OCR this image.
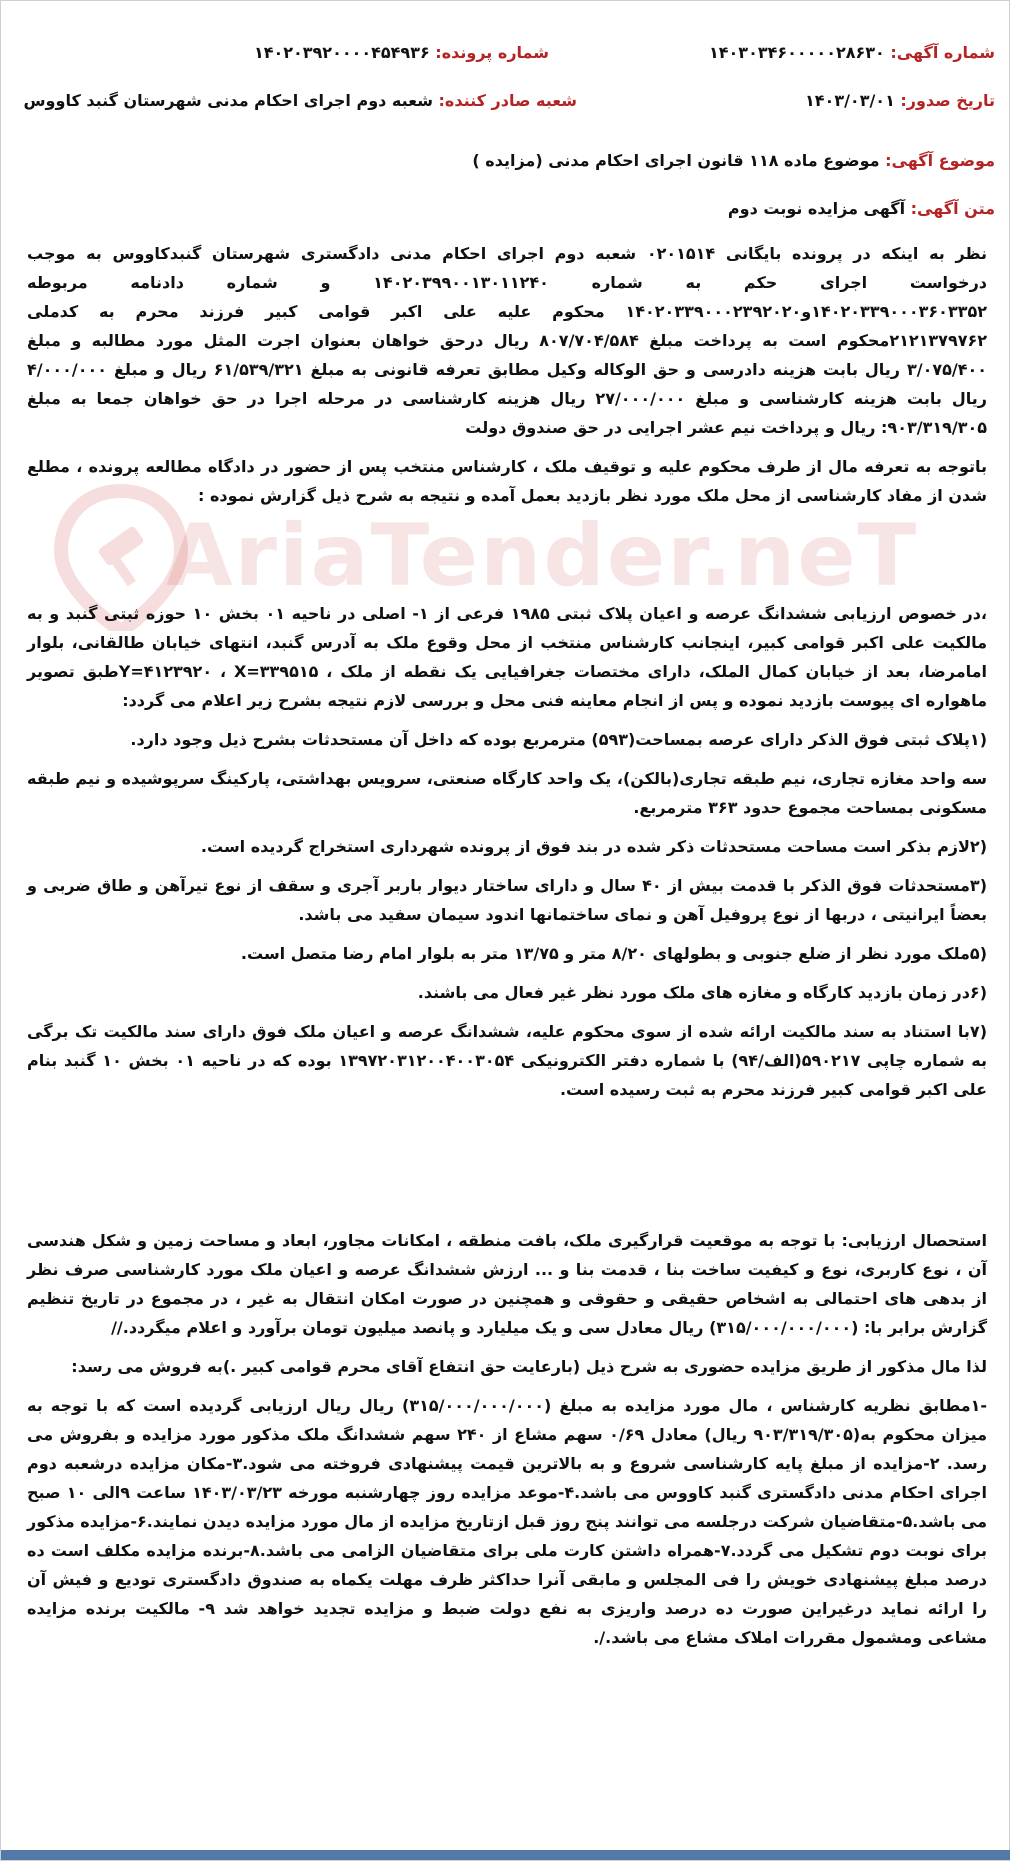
AriaTender.neT
شماره آگهی: ۱۴۰۳۰۳۴۶۰۰۰۰۰۲۸۶۳۰
شماره پرونده: ۱۴۰۲۰۳۹۲۰۰۰۰۴۵۴۹۳۶
تاریخ صدور: ۱۴۰۳/۰۳/۰۱
شعبه صادر کننده: شعبه دوم اجرای احکام مدنی شهرستان گنبد کاووس
موضوع آگهی: موضوع ماده ۱۱۸ قانون اجرای احکام مدنی (مزایده )
متن آگهی: آگهی مزایده نوبت دوم

نظر به اینکه در پرونده بایگانی ۰۲۰۱۵۱۴ شعبه دوم اجرای احکام مدنی دادگستری شهرستان گنبدکاووس به موجب درخواست اجرای حکم به شماره ۱۴۰۲۰۳۹۹۰۰۱۳۰۱۱۲۴۰ و شماره دادنامه مربوطه ۱۴۰۲۰۳۳۹۰۰۰۳۶۰۳۳۵۲و۱۴۰۲۰۳۳۹۰۰۰۲۳۹۲۰۲۰ محکوم علیه علی اکبر قوامی کبیر فرزند محرم به کدملی ۲۱۲۱۳۷۹۷۶۲محکوم است به پرداخت مبلغ ۸۰۷/۷۰۴/۵۸۴ ریال درحق خواهان بعنوان اجرت المثل مورد مطالبه و مبلغ ۳/۰۷۵/۴۰۰ ریال بابت هزینه دادرسی و حق الوکاله وکیل مطابق تعرفه قانونی به مبلغ ۶۱/۵۳۹/۳۲۱ ریال و مبلغ ۴/۰۰۰/۰۰۰ ریال بابت هزینه کارشناسی و مبلغ ۲۷/۰۰۰/۰۰۰ ریال هزینه کارشناسی در مرحله اجرا در حق خواهان جمعا به مبلغ ۹۰۳/۳۱۹/۳۰۵: ریال و پرداخت نیم عشر اجرایی در حق صندوق دولت

باتوجه به تعرفه مال از طرف محکوم علیه و توقیف ملک ، کارشناس منتخب پس از حضور در دادگاه مطالعه پرونده ، مطلع شدن از مفاد کارشناسی از محل ملک مورد نظر بازدید بعمل آمده و نتیجه به شرح ذیل گزارش نموده :

،در خصوص ارزیابی ششدانگ عرصه و اعیان پلاک ثبتی ۱۹۸۵ فرعی از ۱- اصلی در ناحیه ۰۱ بخش ۱۰ حوزه ثبتی گنبد و به مالکیت علی اکبر قوامی کبیر، اینجانب کارشناس منتخب از محل وقوع ملک به آدرس گنبد، انتهای خیابان طالقانی، بلوار امامرضا، بعد از خیابان کمال الملک، دارای مختصات جغرافیایی یک نقطه از ملک ، Y=۴۱۲۳۹۲۰ ، X=۳۳۹۵۱۵طبق تصویر ماهواره ای پیوست بازدید نموده و پس از انجام معاینه فنی محل و بررسی لازم نتیجه بشرح زیر اعلام می گردد:

(۱پلاک ثبتی فوق الذکر دارای عرصه بمساحت(۵۹۳) مترمربع بوده که داخل آن مستحدثات بشرح ذیل وجود دارد.

سه واحد مغازه تجاری، نیم طبقه تجاری(بالکن)، یک واحد کارگاه صنعتی، سرویس بهداشتی، پارکینگ سرپوشیده و نیم طبقه مسکونی بمساحت مجموع حدود ۳۶۳ مترمربع.

(۲لازم بذکر است مساحت مستحدثات ذکر شده در بند فوق از پرونده شهرداری استخراج گردیده است.

(۳مستحدثات فوق الذکر با قدمت بیش از ۴۰ سال و دارای ساختار دیوار باربر آجری و سقف از نوع تیرآهن و طاق ضربی و بعضاً ایرانیتی ، دربها از نوع پروفیل آهن و نمای ساختمانها اندود سیمان سفید می باشد.

(۵ملک مورد نظر از ضلع جنوبی و بطولهای ۸/۲۰ متر و ۱۳/۷۵ متر به بلوار امام رضا متصل است.

(۶در زمان بازدید کارگاه و مغازه های ملک مورد نظر غیر فعال می باشند.

(۷با استناد به سند مالکیت ارائه شده از سوی محکوم علیه، ششدانگ عرصه و اعیان ملک فوق دارای سند مالکیت تک برگی به شماره چاپی ۵۹۰۲۱۷(الف/۹۴) با شماره دفتر الکترونیکی ۱۳۹۷۲۰۳۱۲۰۰۴۰۰۳۰۵۴ بوده که در ناحیه ۰۱ بخش ۱۰ گنبد بنام علی اکبر قوامی کبیر فرزند محرم به ثبت رسیده است.

استحصال ارزیابی: با توجه به موقعیت قرارگیری ملک، بافت منطقه ، امکانات مجاور، ابعاد و مساحت زمین و شکل هندسی آن ، نوع کاربری، نوع و کیفیت ساخت بنا ، قدمت بنا و ... ارزش ششدانگ عرصه و اعیان ملک مورد کارشناسی صرف نظر از بدهی های احتمالی به اشخاص حقیقی و حقوقی و همچنین در صورت امکان انتقال به غیر ، در مجموع در تاریخ تنظیم گزارش برابر با: (۳۱۵/۰۰۰/۰۰۰/۰۰۰) ریال معادل سی و یک میلیارد و پانصد میلیون تومان برآورد و اعلام میگردد.//

لذا مال مذکور از طریق مزایده حضوری به شرح ذیل (بارعایت حق انتفاع آقای محرم قوامی کبیر .)به فروش می رسد:

-۱مطابق نظریه کارشناس ، مال مورد مزایده به مبلغ (۳۱۵/۰۰۰/۰۰۰/۰۰۰) ریال ریال ارزیابی گردیده است که با توجه به میزان محکوم به(۹۰۳/۳۱۹/۳۰۵ ریال) معادل ۰/۶۹ سهم مشاع از ۲۴۰ سهم ششدانگ ملک مذکور مورد مزایده و بفروش می رسد. ۲-مزایده از مبلغ پایه کارشناسی شروع و به بالاترین قیمت پیشنهادی فروخته می شود.۳-مکان مزایده درشعبه دوم اجرای احکام مدنی دادگستری گنبد کاووس می باشد.۴-موعد مزایده روز چهارشنبه مورخه ۱۴۰۳/۰۳/۲۳ ساعت ۹الی ۱۰ صبح می باشد.۵-متقاضیان شرکت درجلسه می توانند پنج روز قبل ازتاریخ مزایده از مال مورد مزایده دیدن نمایند.۶-مزایده مذکور برای نوبت دوم تشکیل می گردد.۷-همراه داشتن کارت ملی برای متقاضیان الزامی می باشد.۸-برنده مزایده مکلف است ده درصد مبلغ پیشنهادی خویش را فی المجلس و مابقی آنرا حداکثر ظرف مهلت یکماه به صندوق دادگستری تودیع و فیش آن را ارائه نماید درغیراین صورت ده درصد واریزی به نفع دولت ضبط و مزایده تجدید خواهد شد ۹- مالکیت برنده مزایده مشاعی ومشمول مقررات املاک مشاع می باشد./.
